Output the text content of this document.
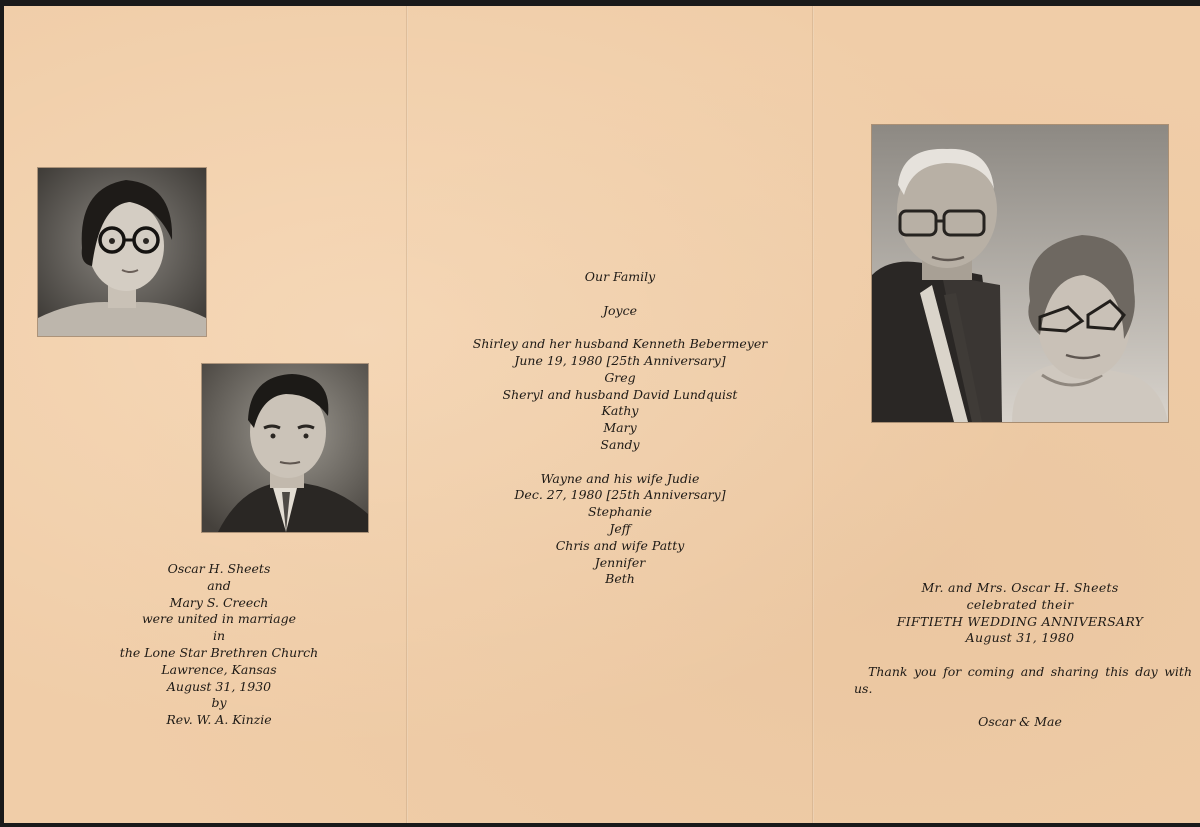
Oscar H. Sheets
and
Mary S. Creech
were united in marriage
in
the Lone Star Brethren Church
Lawrence, Kansas
August 31, 1930
by
Rev. W. A. Kinzie
Our Family
Joyce
Shirley and her husband Kenneth Bebermeyer
June 19, 1980 [25th Anniversary]
Greg
Sheryl and husband David Lundquist
Kathy
Mary
Sandy
Wayne and his wife Judie
Dec. 27, 1980 [25th Anniversary]
Stephanie
Jeff
Chris and wife Patty
Jennifer
Beth
Mr. and Mrs. Oscar H. Sheets
celebrated their
FIFTIETH WEDDING ANNIVERSARY
August 31, 1980
Thank you for coming and sharing this day with us.
Oscar & Mae
